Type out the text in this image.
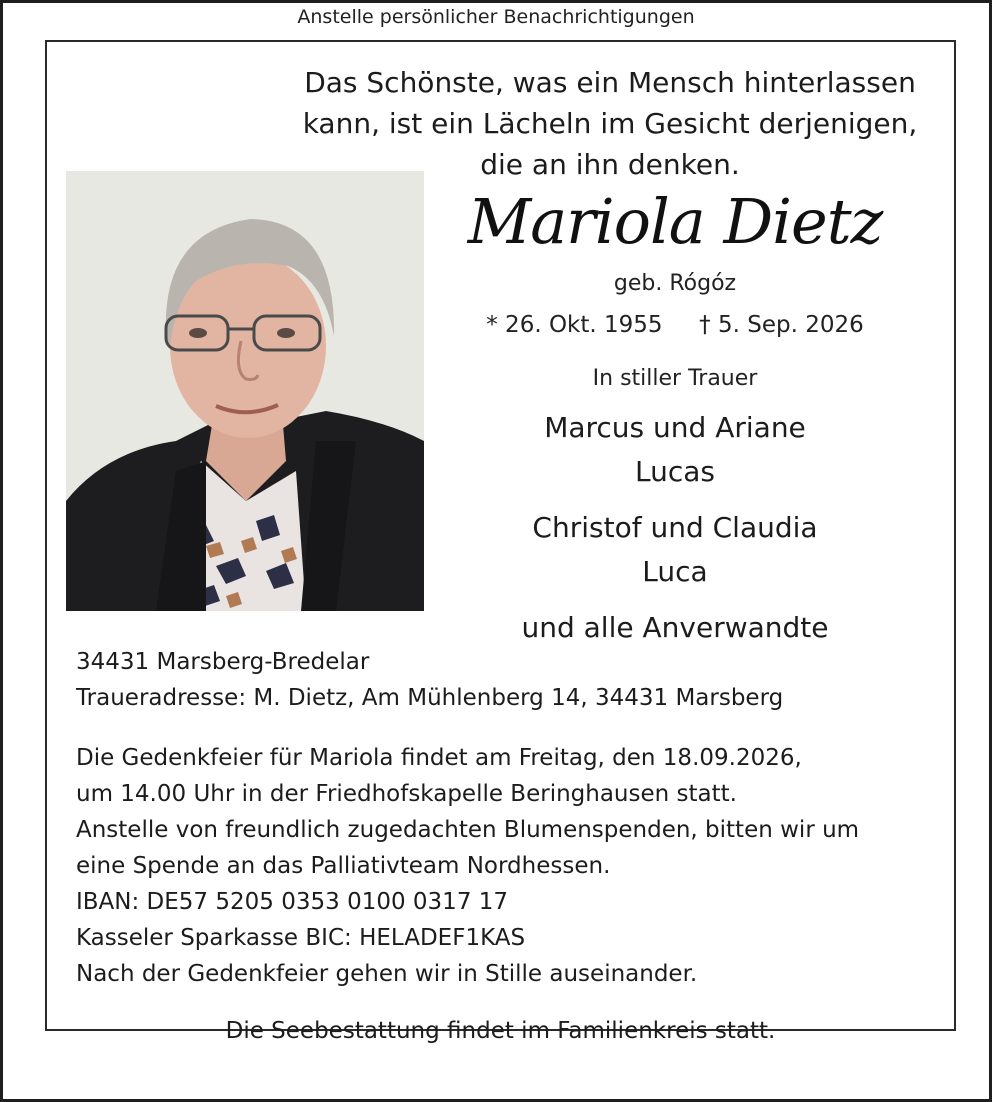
Anstelle persönlicher Benachrichtigungen
Das Schönste, was ein Mensch hinterlassen
kann, ist ein Lächeln im Gesicht derjenigen,
die an ihn denken.
Mariola Dietz
geb. Rógóz
* 26. Okt. 1955 † 5. Sep. 2026
In stiller Trauer
Marcus und Ariane
Lucas
Christof und Claudia
Luca
und alle Anverwandte
34431 Marsberg-Bredelar
Traueradresse: M. Dietz, Am Mühlenberg 14, 34431 Marsberg
Die Gedenkfeier für Mariola findet am Freitag, den 18.09.2026,
um 14.00 Uhr in der Friedhofskapelle Beringhausen statt.
Anstelle von freundlich zugedachten Blumenspenden, bitten wir um
eine Spende an das Palliativteam Nordhessen.
IBAN: DE57 5205 0353 0100 0317 17
Kasseler Sparkasse BIC: HELADEF1KAS
Nach der Gedenkfeier gehen wir in Stille auseinander.
Die Seebestattung findet im Familienkreis statt.
